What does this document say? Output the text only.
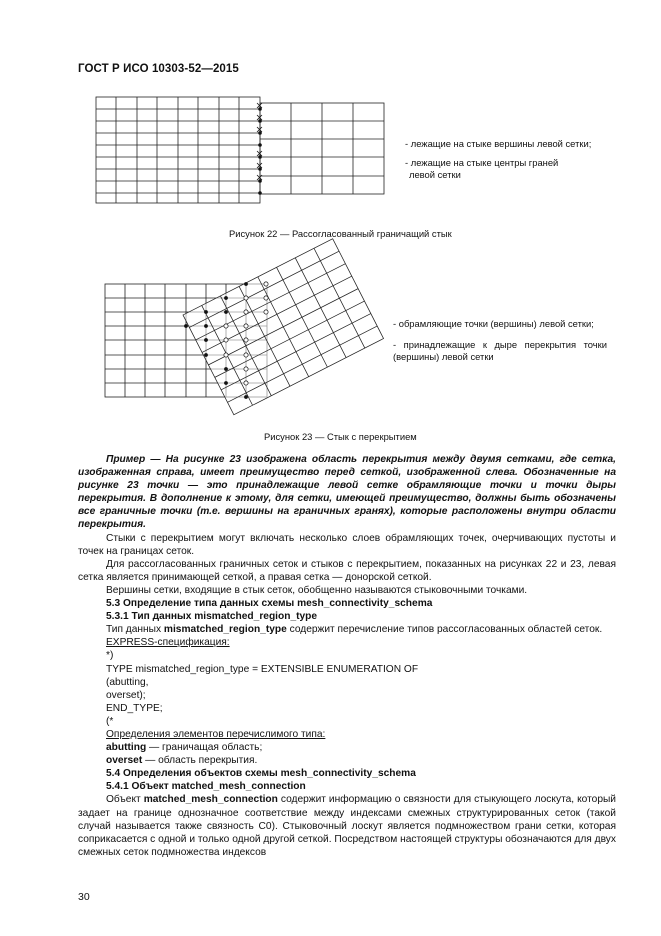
ГОСТ Р ИСО 10303-52—2015
- лежащие на стыке вершины левой сетки;
- лежащие на стыке центры граней
левой сетки
Рисунок 22 — Рассогласованный граничащий стык
- обрамляющие точки (вершины) левой сетки;
- принадлежащие к дыре перекрытия точки
(вершины) левой сетки
Рисунок 23 — Стык с перекрытием

Пример — На рисунке 23 изображена область перекрытия между двумя сетками, где сетка, изображенная справа, имеет преимущество перед сеткой, изображенной слева. Обозначенные на рисунке 23 точки — это принадлежащие левой сетке обрамляющие точки и точки дыры перекрытия. В дополнение к этому, для сетки, имеющей преимущество, должны быть обозначены все граничные точки (т.е. вершины на граничных гранях), которые расположены внутри области перекрытия.

Стыки с перекрытием могут включать несколько слоев обрамляющих точек, очерчивающих пустоты и точек на границах сеток.

Для рассогласованных граничных сеток и стыков с перекрытием, показанных на рисунках 22 и 23, левая сетка является принимающей сеткой, а правая сетка — донорской сеткой.

Вершины сетки, входящие в стык сеток, обобщенно называются стыковочными точками.

5.3 Определение типа данных схемы mesh_connectivity_schema

5.3.1 Тип данных mismatched_region_type

Тип данных mismatched_region_type содержит перечисление типов рассогласованных областей сеток.

EXPRESS-спецификация:

*)
TYPE mismatched_region_type = EXTENSIBLE ENUMERATION OF
(abutting,
overset);
END_TYPE;
(*

Определения элементов перечислимого типа:

abutting — граничащая область;

overset — область перекрытия.

5.4 Определения объектов схемы mesh_connectivity_schema

5.4.1 Объект matched_mesh_connection

Объект matched_mesh_connection содержит информацию о связности для стыкующего лоскута, который задает на границе однозначное соответствие между индексами смежных структурированных сеток (такой случай называется также связность C0). Стыковочный лоскут является подмножеством грани сетки, которая соприкасается с одной и только одной другой сеткой. Посредством настоящей структуры обозначаются для двух смежных сеток подмножества индексов

30
